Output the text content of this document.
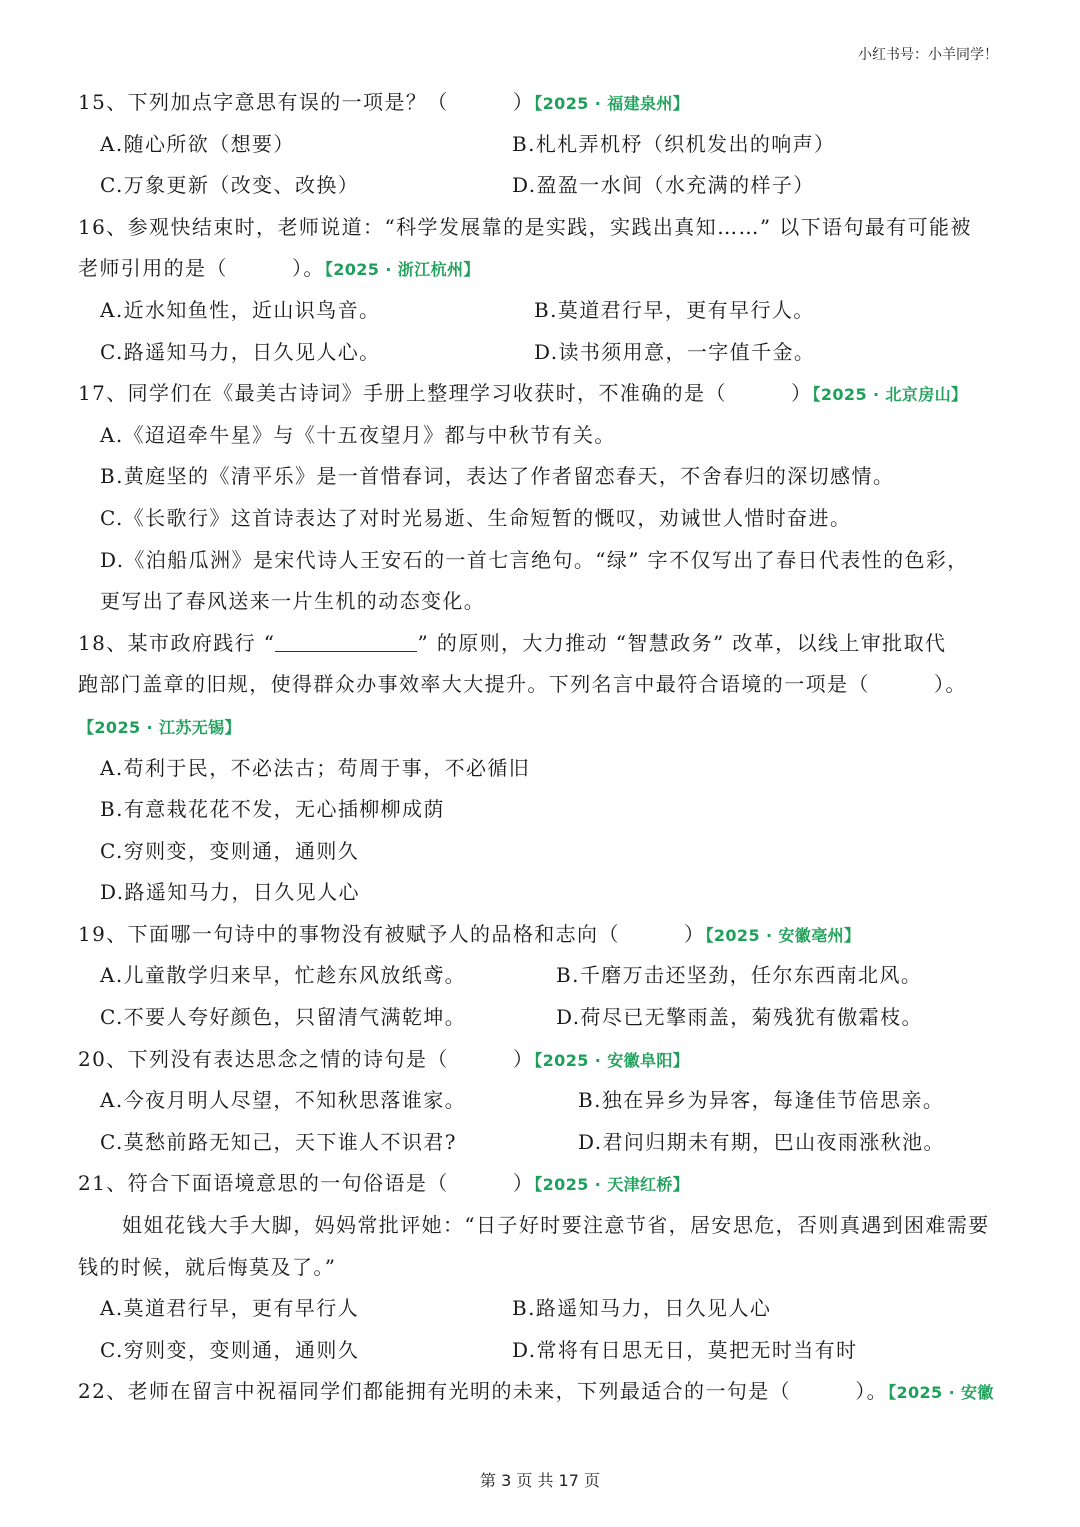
小红书号：小羊同学！
15、下列加点字意思有误的一项是？（　　　）【2025 · 福建泉州】
A.随心所欲（想要）	B.札札弄机杼（织机发出的响声）
C.万象更新（改变、改换）	D.盈盈一水间（水充满的样子）
16、参观快结束时，老师说道：“科学发展靠的是实践，实践出真知……” 以下语句最有可能被
老师引用的是（　　　）。【2025 · 浙江杭州】
A.近水知鱼性，近山识鸟音。	B.莫道君行早，更有早行人。
C.路遥知马力，日久见人心。	D.读书须用意，一字值千金。
17、同学们在《最美古诗词》手册上整理学习收获时，不准确的是（　　　）【2025 · 北京房山】
A.《迢迢牵牛星》与《十五夜望月》都与中秋节有关。
B.黄庭坚的《清平乐》是一首惜春词，表达了作者留恋春天，不舍春归的深切感情。
C.《长歌行》这首诗表达了对时光易逝、生命短暂的慨叹，劝诫世人惜时奋进。
D.《泊船瓜洲》是宋代诗人王安石的一首七言绝句。“绿” 字不仅写出了春日代表性的色彩，
更写出了春风送来一片生机的动态变化。
18、某市政府践行 “	” 的原则，大力推动 “智慧政务” 改革，以线上审批取代
跑部门盖章的旧规，使得群众办事效率大大提升。下列名言中最符合语境的一项是（　　　）。
【2025 · 江苏无锡】
A.苟利于民，不必法古；苟周于事，不必循旧
B.有意栽花花不发，无心插柳柳成荫
C.穷则变，变则通，通则久
D.路遥知马力，日久见人心
19、下面哪一句诗中的事物没有被赋予人的品格和志向（　　　）【2025 · 安徽亳州】
A.儿童散学归来早，忙趁东风放纸鸢。	B.千磨万击还坚劲，任尔东西南北风。
C.不要人夸好颜色，只留清气满乾坤。	D.荷尽已无擎雨盖，菊残犹有傲霜枝。
20、下列没有表达思念之情的诗句是（　　　）【2025 · 安徽阜阳】
A.今夜月明人尽望，不知秋思落谁家。	B.独在异乡为异客，每逢佳节倍思亲。
C.莫愁前路无知己，天下谁人不识君?	D.君问归期未有期，巴山夜雨涨秋池。
21、符合下面语境意思的一句俗语是（　　　）【2025 · 天津红桥】
姐姐花钱大手大脚，妈妈常批评她：“日子好时要注意节省，居安思危，否则真遇到困难需要
钱的时候，就后悔莫及了。”
A.莫道君行早，更有早行人	B.路遥知马力，日久见人心
C.穷则变，变则通，通则久	D.常将有日思无日，莫把无时当有时
22、老师在留言中祝福同学们都能拥有光明的未来，下列最适合的一句是（　　　）。【2025 · 安徽
第 3 页 共 17 页
